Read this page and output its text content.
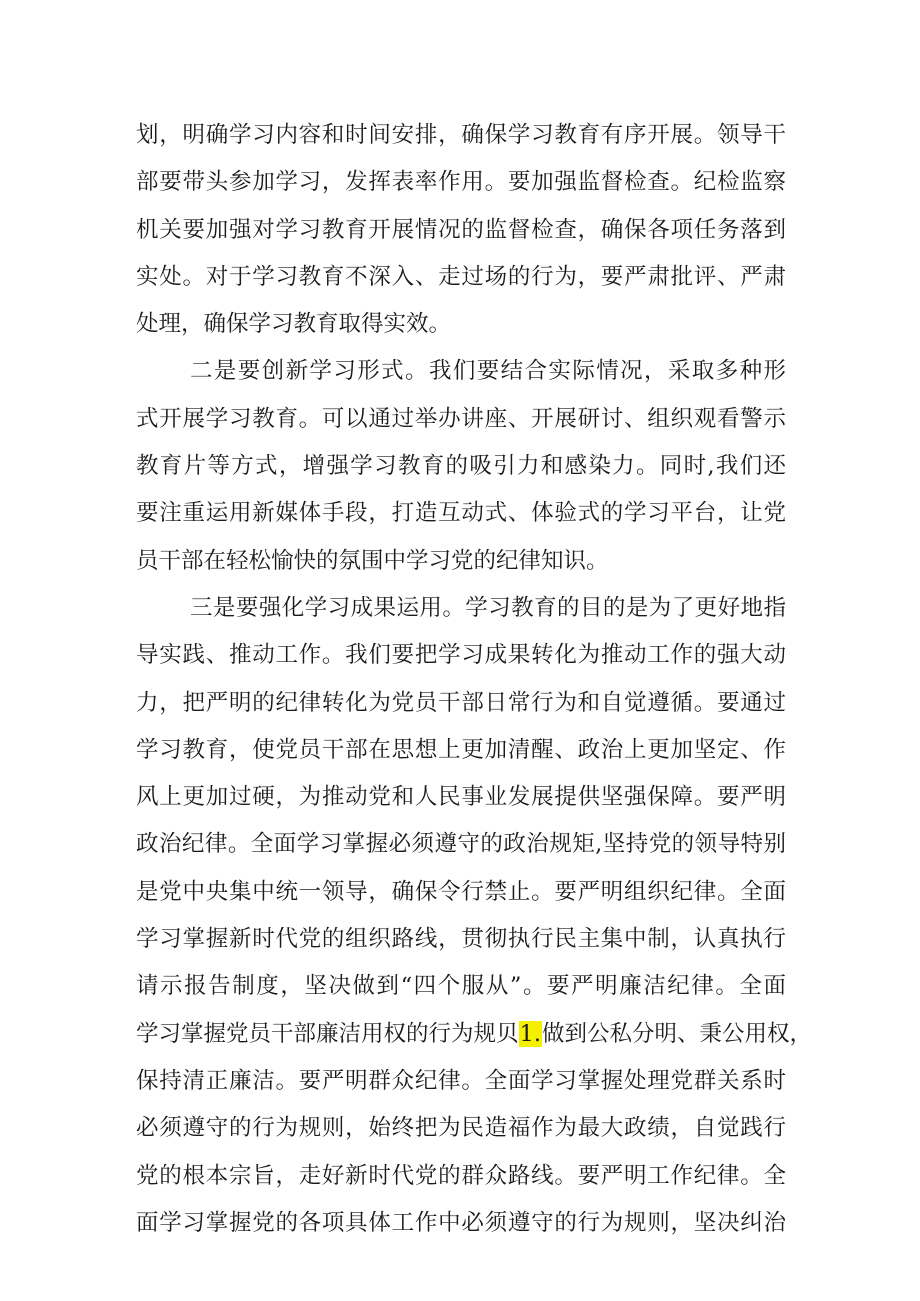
划，明确学习内容和时间安排，确保学习教育有序开展。领导干
部要带头参加学习，发挥表率作用。要加强监督检查。纪检监察
机关要加强对学习教育开展情况的监督检查，确保各项任务落到
实处。对于学习教育不深入、走过场的行为，要严肃批评、严肃
处理，确保学习教育取得实效。
二是要创新学习形式。我们要结合实际情况，采取多种形
式开展学习教育。可以通过举办讲座、开展研讨、组织观看警示
教育片等方式，增强学习教育的吸引力和感染力。同时,我们还
要注重运用新媒体手段，打造互动式、体验式的学习平台，让党
员干部在轻松愉快的氛围中学习党的纪律知识。
三是要强化学习成果运用。学习教育的目的是为了更好地指
导实践、推动工作。我们要把学习成果转化为推动工作的强大动
力，把严明的纪律转化为党员干部日常行为和自觉遵循。要通过
学习教育，使党员干部在思想上更加清醒、政治上更加坚定、作
风上更加过硬，为推动党和人民事业发展提供坚强保障。要严明
政治纪律。全面学习掌握必须遵守的政治规矩,坚持党的领导特别
是党中央集中统一领导，确保令行禁止。要严明组织纪律。全面
学习掌握新时代党的组织路线，贯彻执行民主集中制，认真执行
请示报告制度，坚决做到“四个服从”。要严明廉洁纪律。全面
学习掌握党员干部廉洁用权的行为规贝1.做到公私分明、秉公用权，
保持清正廉洁。要严明群众纪律。全面学习掌握处理党群关系时
必须遵守的行为规则，始终把为民造福作为最大政绩，自觉践行
党的根本宗旨，走好新时代党的群众路线。要严明工作纪律。全
面学习掌握党的各项具体工作中必须遵守的行为规则，坚决纠治
